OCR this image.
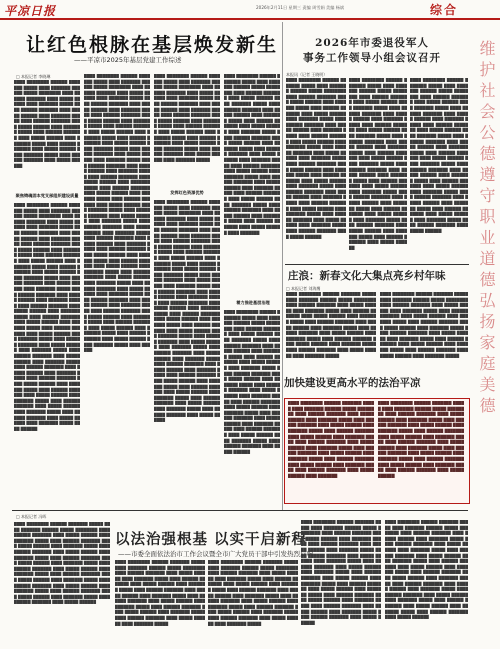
平凉日报	2026年2月11日 星期三 责编 周雪娟 美编 杨斌	综合
让红色根脉在基层焕发新生
——平凉市2025年基层党建工作综述
□ 本报记者 李晓琳
████ ████████ ██████ ███████ █████ ████ ███████ ██████ █████ ████████ ████ ██████ ███████ ████ █████ ██████ ████ ███████ █████ ████ ██████ ███████ ████ █████ ██████ ████ ███████ █████ ████ ██████ ███████ ████ █████ ██████ ████ ███████ █████ ████ ██████ ███████ ████ █████ ██████ ████ ███████ █████ ████ ██████ ███████ ████ █████ ██████ ████ ███████ █████ ████ ██████ ███████ ████ █████ ██████
聚焦铸魂固本党支部组织建设质量
████ ████████ ██████ ███████ █████ ████ ███████ ██████ █████ ████████ ████ ██████ ███████ ████ █████ ██████ ████ ███████ █████ ████ ██████ ███████ ████ █████ ██████ ████ ███████ █████ ████ ██████ ███████ ████ █████ ██████ ████ ███████ █████ ████ ██████ ███████ ████ █████ ██████ ████ ███████ █████ ████ ██████ ███████ ████ █████ ██████ ████ ███████ █████ ████ ██████ ███████ ████ █████ ██████ ████ ███████ █████ ████ ██████ ███████ ████ █████ ██████ ████ ███████ █████ ████ ██████ ███████ ████ █████ ██████ ████ ███████ █████ ████ ██████ ███████ ████ █████ ██████ ████ ███████ █████ ████ ██████ ███████ ████ █████ ██████ ████ ███████ █████ ████ ██████ ███████ ████ █████ ██████ ████ ███████ █████ ████ ██████ ███████ ████ █████ ██████ ████ ███████ █████ ████ ██████ ███████ ████ █████ ██████ ████ ███████ █████ ████ ██████ ███████ ████ █████ ██████ ████ ███████ █████ ████ ██████ ███████ ████ █████ ██████ ████ ███████ █████ ████ ██████ ███████ ████ █████ ██████ ████ ███████ █████ ████ ██████ ███████ ████ █████ ██████ ████ ███████ █████ ████ ██████
████ ████████ ██████ ███████ █████ ████ ███████ ██████ █████ ████████ ████ ██████ ███████ ████ █████ ██████ ████ ███████ █████ ████ ██████ ███████ ████ █████ ██████ ████ ███████ █████ ████ ██████ ███████ ████ █████ ██████ ████ ███████ █████ ████ ██████ ███████ ████ █████ ██████ ████ ███████ █████ ████ ██████ ███████ ████ █████ ██████ ████ ███████ █████ ████ ██████ ███████ ████ █████ ██████ ████ ███████ █████ ████ ██████ ███████ ████ █████ ██████ ████ ███████ █████ ████ ██████ ███████ ████ █████ ██████ ████ ███████ █████ ████ ██████ ███████ ████ █████ ██████ ████ ███████ █████ ████ ██████ ███████ ████ █████ ██████ ████ ███████ █████ ████ ██████ ███████ ████ █████ ██████ ████ ███████ █████ ████ ██████ ███████ ████ █████ ██████ ████ ███████ █████ ████ ██████ ███████ ████ █████ ██████ ████ ███████ █████ ████ ██████ ███████ ████ █████ ██████ ████ ███████ █████ ████ ██████ ███████ ████ █████ ██████ ████ ███████ █████ ████ ██████ ███████ ████ █████ ██████ ████ ███████ █████ ████ ██████ ███████ ████ █████ ██████ ████ ███████ █████ ████ ██████ ███████ ████ █████ ██████ ████ ███████ █████ ████ ██████ ███████ ████ █████ ██████ ████ ███████ █████ ████ ██████ ███████ ████ █████ ██████ ████ ███████ █████ ████ ██████ ███████ ████ █████ ██████ ████ ███████ █████ ████ ██████
发挥红色资源优势
████ ████████ ██████ ███████ █████ ████ ███████ ██████ █████ ████████ ████ ██████ ███████ ████ █████ ██████ ████ ███████ █████ ████ ██████ ███████ ████ █████ ██████ ████ ███████ █████ ████ ██████ ███████ ████ █████ ██████ ████ ███████ █████ ████ ██████ ███████ ████ █████ ██████ ████ ███████ █████ ████ ██████ ███████ ████ █████ ██████ ████ ███████ █████ ████ ██████ ███████ ████ █████ ██████ ████ ███████ █████
████ ████████ ██████ ███████ █████ ████ ███████ ██████ █████ ████████ ████ ██████ ███████ ████ █████ ██████ ████ ███████ █████ ████ ██████ ███████ ████ █████ ██████ ████ ███████ █████ ████ ██████ ███████ ████ █████ ██████ ████ ███████ █████ ████ ██████ ███████ ████ █████ ██████ ████ ███████ █████ ████ ██████ ███████ ████ █████ ██████ ████ ███████ █████ ████ ██████ ███████ ████ █████ ██████ ████ ███████ █████ ████ ██████ ███████ ████ █████ ██████ ████ ███████ █████ ████ ██████ ███████ ████ █████ ██████ ████ ███████ █████ ████ ██████ ███████ ████ █████ ██████ ████ ███████ █████ ████ ██████ ███████ ████ █████ ██████ ████ ███████ █████ ████ ██████ ███████ ████ █████ ██████ ████ ███████ █████ ████ ██████ ███████ ████ █████ ██████ ████ ███████ █████ ████ ██████ ███████ ████ █████ ██████ ████ ███████ █████ ████ ██████ ███████ ████ █████ ██████ ████ ███████ █████ ████ ██████ ███████ ████ █████ ██████ ████ ███████ █████ ████ ██████ ███████ ████ █████ ██████ ████ ███████ █████ ████ ██████ ███████ ████ █████ ██████
着力推进基层治理
████ ████████ ██████ ███████ █████ ████ ███████ ██████ █████ ████████ ████ ██████ ███████ ████ █████ ██████ ████ ███████ █████ ████ ██████ ███████ ████ █████ ██████ ████ ███████ █████ ████ ██████ ███████ ████ █████ ██████ ████ ███████ █████ ████ ██████ ███████ ████ █████ ██████ ████ ███████ █████ ████ ██████ ███████ ████ █████ ██████ ████ ███████ █████ ████ ██████ ███████ ████ █████ ██████ ████ ███████ █████ ████ ██████ ███████ ████ █████ ██████ ████ ███████ █████ ████ ██████ ███████ ████ █████ ██████ ████ ███████ █████ ████ ██████ ███████ ████ █████ ██████ ████ ███████ █████ ████ ██████ ███████ ████ █████ ██████ ████ ███████
████ ████████ ██████ ███████ █████ ████ ███████ ██████ █████ ████████ ████ ██████ ███████ ████ █████ ██████ ████ ███████ █████ ████ ██████ ███████ ████ █████ ██████ ████ ███████ █████ ████ ██████ ███████ ████ █████ ██████ ████ ███████ █████ ████ ██████ ███████ ████ █████ ██████ ████ ███████ █████ ████ ██████ ███████ ████ █████ ██████ ████ ███████ █████ ████ ██████ ███████ ████ █████ ██████ ████ ███████ █████ ████ ██████ ███████ ████ █████ ██████ ████ ███████ █████ ████ ██████ ███████ ████ █████ ██████ ████ ███████ █████ ████ ██████ ███████ ████ █████ ██████
2026年市委退役军人
事务工作领导小组会议召开
本报讯（记者 王晓明）
████ ████████ ██████ ███████ █████ ████ ███████ ██████ █████ ████████ ████ ██████ ███████ ████ █████ ██████ ████ ███████ █████ ████ ██████ ███████ ████ █████ ██████ ████ ███████ █████ ████ ██████ ███████ ████ █████ ██████ ████ ███████ █████ ████ ██████ ███████ ████ █████ ██████ ████ ███████ █████ ████ ██████ ███████ ████ █████ ██████ ████ ███████ █████ ████ ██████ ███████ ████ █████ ██████ ████ ███████ █████ ████ ██████ ███████ ████ █████ ██████ ████ ███████ █████ ████ ██████ ███████ ████ █████ ██████ ████ ███████ █████ ████ ██████ ███████ ████ █████ ██████ ████ ███████ █████ ████ ██████ ███████ ████ █████ ██████ ████ ███████ █████ ████ ██████ ███████ ████ █████ ██████
████ ████████ ██████ ███████ █████ ████ ███████ ██████ █████ ████████ ████ ██████ ███████ ████ █████ ██████ ████ ███████ █████ ████ ██████ ███████ ████ █████ ██████ ████ ███████ █████ ████ ██████ ███████ ████ █████ ██████ ████ ███████ █████ ████ ██████ ███████ ████ █████ ██████ ████ ███████ █████ ████ ██████ ███████ ████ █████ ██████ ████ ███████ █████ ████ ██████ ███████ ████ █████ ██████ ████ ███████ █████ ████ ██████ ███████ ████ █████ ██████ ████ ███████ █████ ████ ██████ ███████ ████ █████ ██████ ████ ███████ █████ ████ ██████ ███████ ████ █████ ██████ ████ ███████ █████ ████ ██████ ███████ ████ █████ ██████ ████ ███████ █████ ████ ██████ ███████ ████ █████ ██████
████ ████████ ██████ ███████ █████ ████ ███████ ██████ █████ ████████ ████ ██████ ███████ ████ █████ ██████ ████ ███████ █████ ████ ██████ ███████ ████ █████ ██████ ████ ███████ █████ ████ ██████ ███████ ████ █████ ██████ ████ ███████ █████ ████ ██████ ███████ ████ █████ ██████ ████ ███████ █████ ████ ██████ ███████ ████ █████ ██████ ████ ███████ █████ ████ ██████ ███████ ████ █████ ██████ ████ ███████ █████ ████ ██████ ███████ ████ █████ ██████ ████ ███████ █████ ████ ██████ ███████ ████ █████ ██████ ████ ███████ █████ ████ ██████ ███████ ████ █████ ██████ ████ ███████ █████ ████ ██████ ███████ ████ █████ ██████
庄浪：新春文化大集点亮乡村年味
□ 本报记者 刘海鹰
████ ████████ ██████ ███████ █████ ████ ███████ ██████ █████ ████████ ████ ██████ ███████ ████ █████ ██████ ████ ███████ █████ ████ ██████ ███████ ████ █████ ██████ ████ ███████ █████ ████ ██████ ███████ ████ █████ ██████ ████ ███████ █████ ████ ██████ ███████ ████ █████ ██████ ████ ███████ █████ ████ ██████ ███████ ████ █████ ██████ ████ ███████ █████ ████ ██████ ███████ ████ █████ ██████ ████ ███████ █████
████ ████████ ██████ ███████ █████ ████ ███████ ██████ █████ ████████ ████ ██████ ███████ ████ █████ ██████ ████ ███████ █████ ████ ██████ ███████ ████ █████ ██████ ████ ███████ █████ ████ ██████ ███████ ████ █████ ██████ ████ ███████ █████ ████ ██████ ███████ ████ █████ ██████ ████ ███████ █████ ████ ██████ ███████ ████ █████ ██████ ████ ███████ █████ ████ ██████ ███████ ████ █████ ██████ ████ ███████ █████
加快建设更高水平的法治平凉
████ ████████ ██████ ███████ █████ ████ ███████ ██████ █████ ████████ ████ ██████ ███████ ████ █████ ██████ ████ ███████ █████ ████ ██████ ███████ ████ █████ ██████ ████ ███████ █████ ████ ██████ ███████ ████ █████ ██████ ████ ███████ █████ ████ ██████ ███████ ████ █████ ██████ ████ ███████ █████ ████ ██████ ███████ ████ █████ ██████ ████ ███████ █████ ████ ██████ ███████ ████ █████ ██████ ████ ███████ █████ ████ ██████ ███████ ████ █████ ██████ ████ ███████
████ ████████ ██████ ███████ █████ ████ ███████ ██████ █████ ████████ ████ ██████ ███████ ████ █████ ██████ ████ ███████ █████ ████ ██████ ███████ ████ █████ ██████ ████ ███████ █████ ████ ██████ ███████ ████ █████ ██████ ████ ███████ █████ ████ ██████ ███████ ████ █████ ██████ ████ ███████ █████ ████ ██████ ███████ ████ █████ ██████ ████ ███████ █████ ████ ██████ ███████ ████ █████ ██████ ████ ███████ █████ ████ ██████ ███████ ████ █████ ██████
□ 本报记者 冯晖
以法治强根基 以实干启新程
——市委全面依法治市工作会议暨全市广大党员干部中引发热烈反响
████ ████████ ██████ ███████ █████ ████ ███████ ██████ █████ ████████ ████ ██████ ███████ ████ █████ ██████ ████ ███████ █████ ████ ██████ ███████ ████ █████ ██████ ████ ███████ █████ ████ ██████ ███████ ████ █████ ██████ ████ ███████ █████ ████ ██████ ███████ ████ █████ ██████ ████ ███████ █████ ████ ██████ ███████ ████ █████ ██████ ████ ███████ █████ ████ ██████ ███████ ████ █████ ██████ ████ ███████ █████ ████ ██████ ███████ ████ █████ ██████ ████ ███████ █████ ████ ██████ ███████ ████ █████ ██████ ████ ███████ █████ ████ ██████ ███████ ████ █████ ██████
████ ████████ ██████ ███████ █████ ████ ███████ ██████ █████ ████████ ████ ██████ ███████ ████ █████ ██████ ████ ███████ █████ ████ ██████ ███████ ████ █████ ██████ ████ ███████ █████ ████ ██████ ███████ ████ █████ ██████ ████ ███████ █████ ████ ██████ ███████ ████ █████ ██████ ████ ███████ █████ ████ ██████ ███████ ████ █████ ██████ ████ ███████ █████ ████ ██████ ███████ ████ █████ ██████ ████ ███████ █████
████ ████████ ██████ ███████ █████ ████ ███████ ██████ █████ ████████ ████ ██████ ███████ ████ █████ ██████ ████ ███████ █████ ████ ██████ ███████ ████ █████ ██████ ████ ███████ █████ ████ ██████ ███████ ████ █████ ██████ ████ ███████ █████ ████ ██████ ███████ ████ █████ ██████ ████ ███████ █████ ████ ██████ ███████ ████ █████ ██████ ████ ███████ █████ ████ ██████ ███████ ████ █████ ██████ ████ ███████ █████
████ ████████ ██████ ███████ █████ ████ ███████ ██████ █████ ████████ ████ ██████ ███████ ████ █████ ██████ ████ ███████ █████ ████ ██████ ███████ ████ █████ ██████ ████ ███████ █████ ████ ██████ ███████ ████ █████ ██████ ████ ███████ █████ ████ ██████ ███████ ████ █████ ██████ ████ ███████ █████ ████ ██████ ███████ ████ █████ ██████ ████ ███████ █████ ████ ██████ ███████ ████ █████ ██████ ████ ███████ █████ ████ ██████ ███████ ████ █████ ██████ ████ ███████ █████ ████ ██████ ███████ ████ █████ ██████ ████ ███████ █████ ████ ██████ ███████ ████ █████ ██████
████ ████████ ██████ ███████ █████ ████ ███████ ██████ █████ ████████ ████ ██████ ███████ ████ █████ ██████ ████ ███████ █████ ████ ██████ ███████ ████ █████ ██████ ████ ███████ █████ ████ ██████ ███████ ████ █████ ██████ ████ ███████ █████ ████ ██████ ███████ ████ █████ ██████ ████ ███████ █████ ████ ██████ ███████ ████ █████ ██████ ████ ███████ █████ ████ ██████ ███████ ████ █████ ██████ ████ ███████ █████ ████ ██████ ███████ ████ █████ ██████ ████ ███████ █████ ████ ██████ ███████ ████ █████ ██████ ████ ███████ █████ ████ ██████ ███████ ████ █████ ██████
维护社会公德遵守职业道德弘扬家庭美德
